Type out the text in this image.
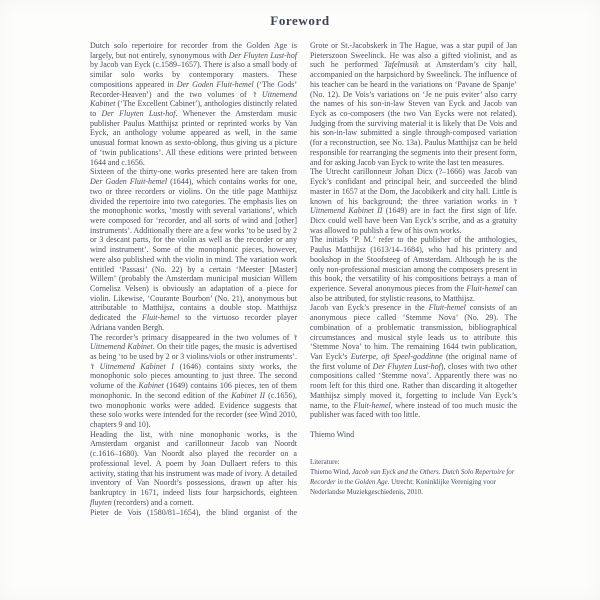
Foreword

Dutch solo repertoire for recorder from the Golden Age is largely, but not entirely, synonymous with Der Fluyten Lust-hof by Jacob van Eyck (c.1589–1657). There is also a small body of similar solo works by contemporary masters. These compositions appeared in Der Goden Fluit-hemel (‘The Gods’ Recorder-Heaven’) and the two volumes of ’t Uitnemend Kabinet (‘The Excellent Cabinet’), anthologies distinctly related to Der Fluyten Lust-hof. Whenever the Amsterdam music publisher Paulus Matthijsz printed or reprinted works by Van Eyck, an anthology volume appeared as well, in the same unusual format known as sexto-oblong, thus giving us a picture of ‘twin publications’. All these editions were printed between 1644 and c.1656.

Sixteen of the thirty-one works presented here are taken from Der Goden Fluit-hemel (1644), which contains works for one, two or three recorders or violins. On the title page Matthijsz divided the repertoire into two categories. The emphasis lies on the monophonic works, ‘mostly with several variations’, which were composed for ‘recorder, and all sorts of wind and [other] instruments’. Additionally there are a few works ‘to be used by 2 or 3 descant parts, for the violin as well as the recorder or any wind instrument’. Some of the monophonic pieces, however, were also published with the violin in mind. The variation work entitled ‘Passasi’ (No. 22) by a certain ‘Meester [Master] Willem’ (probably the Amsterdam municipal musician Willem Cornelisz Velsen) is obviously an adaptation of a piece for violin. Likewise, ‘Courante Bourbon’ (No. 21), anonymous but attributable to Matthijsz, contains a double stop. Matthijsz dedicated the Fluit-hemel to the virtuoso recorder player Adriana vanden Bergh.

The recorder’s primacy disappeared in the two volumes of ’t Uitnemend Kabinet. On their title pages, the music is advertised as being ‘to be used by 2 or 3 violins/viols or other instruments’. ’t Uitnemend Kabinet I (1646) contains sixty works, the monophonic solo pieces amounting to just three. The second volume of the Kabinet (1649) contains 106 pieces, ten of them monophonic. In the second edition of the Kabinet II (c.1656), two monophonic works were added. Evidence suggests that these solo works were intended for the recorder (see Wind 2010, chapters 9 and 10).

Heading the list, with nine monophonic works, is the Amsterdam organist and carillonneur Jacob van Noordt (c.1616–1680). Van Noordt also played the recorder on a professional level. A poem by Joan Dullaert refers to this activity, stating that his instrument was made of ivory. A detailed inventory of Van Noordt’s possessions, drawn up after his bankruptcy in 1671, indeed lists four harpsichords, eighteen fluyten (recorders) and a cornett.

Pieter de Vois (1580/81–1654), the blind organist of the

Grote or St.-Jacobskerk in The Hague, was a star pupil of Jan Pieterszoon Sweelinck. He was also a gifted violinist, and as such he performed Tafelmusik at Amsterdam’s city hall, accompanied on the harpsichord by Sweelinck. The influence of his teacher can be heard in the variations on ‘Pavane de Spanje’ (No. 12). De Vois’s variations on ‘Je ne puis eviter’ also carry the names of his son-in-law Steven van Eyck and Jacob van Eyck as co-composers (the two Van Eycks were not related). Judging from the surviving material it is likely that De Vois and his son-in-law submitted a single through-composed variation (for a reconstruction, see No. 13a). Paulus Matthijsz can be held responsible for rearranging the segments into their present form, and for asking Jacob van Eyck to write the last ten measures.

The Utrecht carillonneur Johan Dicx (?–1666) was Jacob van Eyck’s confidant and principal heir, and succeeded the blind master in 1657 at the Dom, the Jacobikerk and city hall. Little is known of his background; the three variation works in ’t Uitnemend Kabinet II (1649) are in fact the first sign of life. Dicx could well have been Van Eyck’s scribe, and as a gratuity was allowed to publish a few of his own works.

The initials ‘P. M.’ refer to the publisher of the anthologies, Paulus Matthijsz (1613/14–1684), who had his printery and bookshop in the Stoofsteeg of Amsterdam. Although he is the only non-professional musician among the composers present in this book, the versatility of his compositions betrays a man of experience. Several anonymous pieces from the Fluit-hemel can also be attributed, for stylistic reasons, to Matthijsz.

Jacob van Eyck’s presence in the Fluit-hemel consists of an anonymous piece called ‘Stemme Nova’ (No. 29). The combination of a problematic transmission, bibliographical circumstances and musical style leads us to attribute this ‘Stemme Nova’ to him. The remaining 1644 twin publication, Van Eyck’s Euterpe, oft Speel-goddinne (the original name of the first volume of Der Fluyten Lust-hof), closes with two other compositions called ‘Stemme nova’. Apparently there was no room left for this third one. Rather than discarding it altogether Matthijsz simply moved it, forgetting to include Van Eyck’s name, to the Fluit-hemel, where instead of too much music the publisher was faced with too little.

Thiemo Wind

Literature:

Thiemo Wind, Jacob van Eyck and the Others. Dutch Solo Repertoire for Recorder in the Golden Age. Utrecht: Koninklijke Vereniging voor Nederlandse Muziekgeschiedenis, 2010.
